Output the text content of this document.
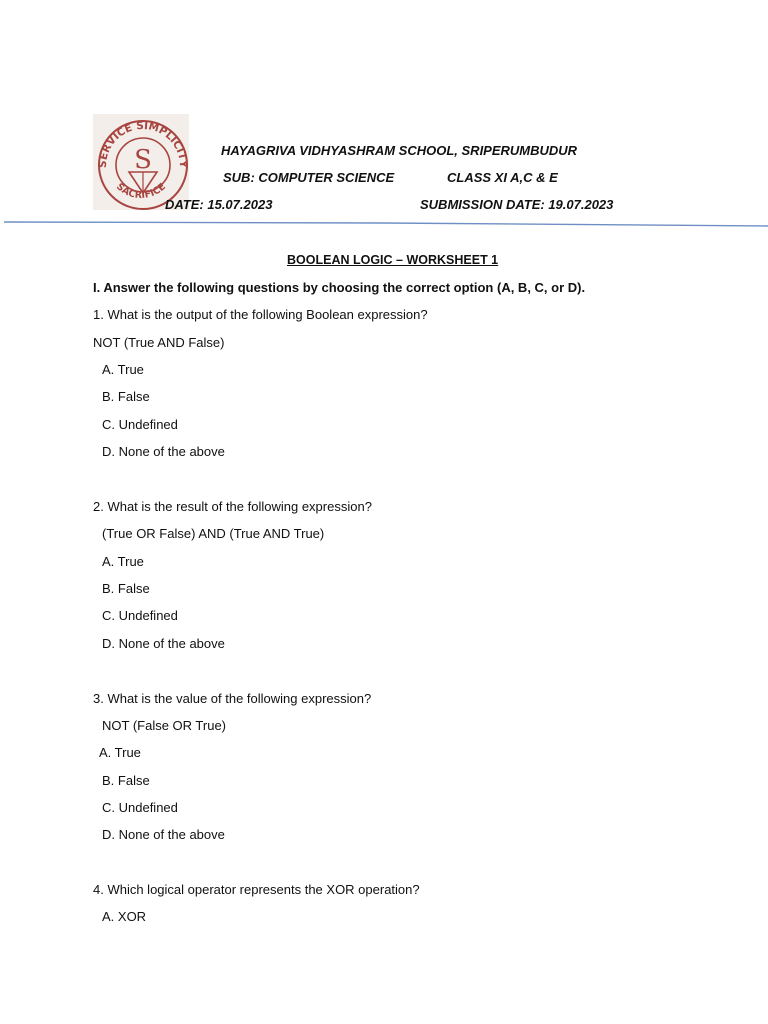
SERVICE SIMPLICITY
SACRIFICE
S	HAYAGRIVA VIDHYASHRAM SCHOOL, SRIPERUMBUDUR
SUB: COMPUTER SCIENCE	CLASS XI A,C & E
DATE: 15.07.2023	SUBMISSION DATE: 19.07.2023
BOOLEAN LOGIC – WORKSHEET 1
I. Answer the following questions by choosing the correct option (A, B, C, or D).
1. What is the output of the following Boolean expression?
NOT (True AND False)
A. True
B. False
C. Undefined
D. None of the above
2. What is the result of the following expression?
(True OR False) AND (True AND True)
A. True
B. False
C. Undefined
D. None of the above
3. What is the value of the following expression?
NOT (False OR True)
A. True
B. False
C. Undefined
D. None of the above
4. Which logical operator represents the XOR operation?
A. XOR
